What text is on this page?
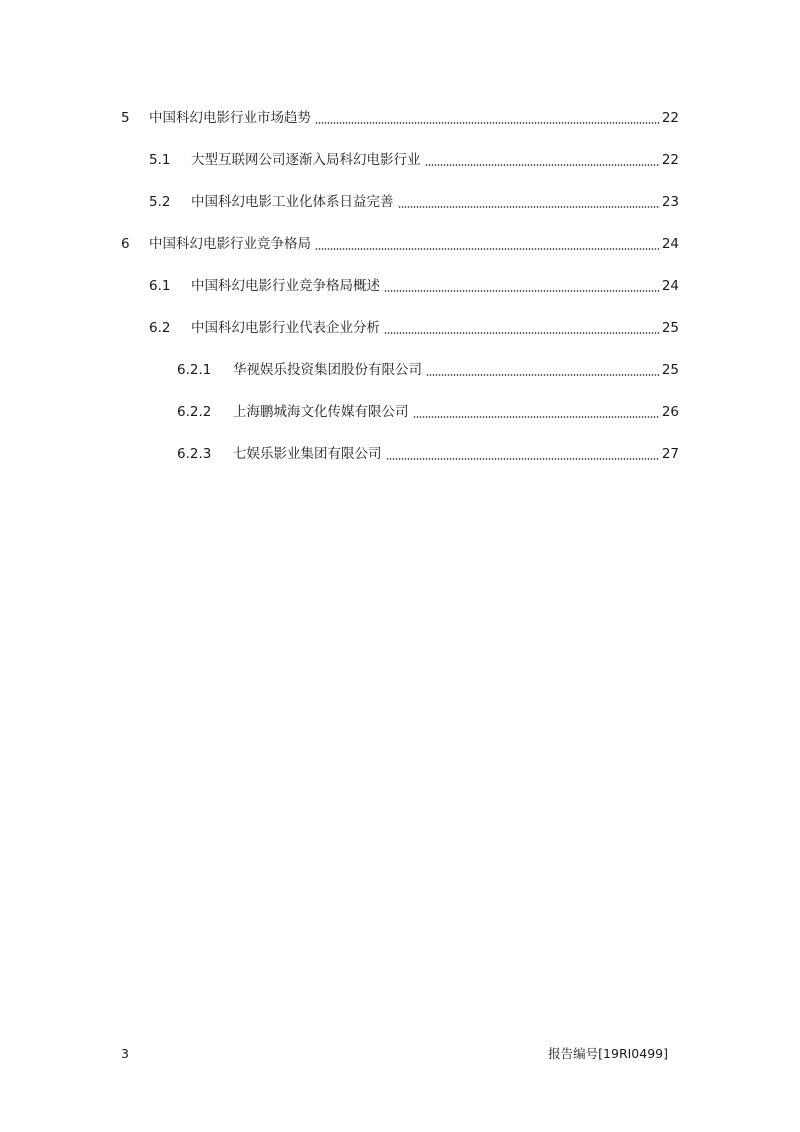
5	中国科幻电影行业市场趋势	22
5.1	大型互联网公司逐渐入局科幻电影行业	22
5.2	中国科幻电影工业化体系日益完善	23
6	中国科幻电影行业竞争格局	24
6.1	中国科幻电影行业竞争格局概述	24
6.2	中国科幻电影行业代表企业分析	25
6.2.1	华视娱乐投资集团股份有限公司	25
6.2.2	上海鹏城海文化传媒有限公司	26
6.2.3	七娱乐影业集团有限公司	27
3	报告编号[19RI0499]
